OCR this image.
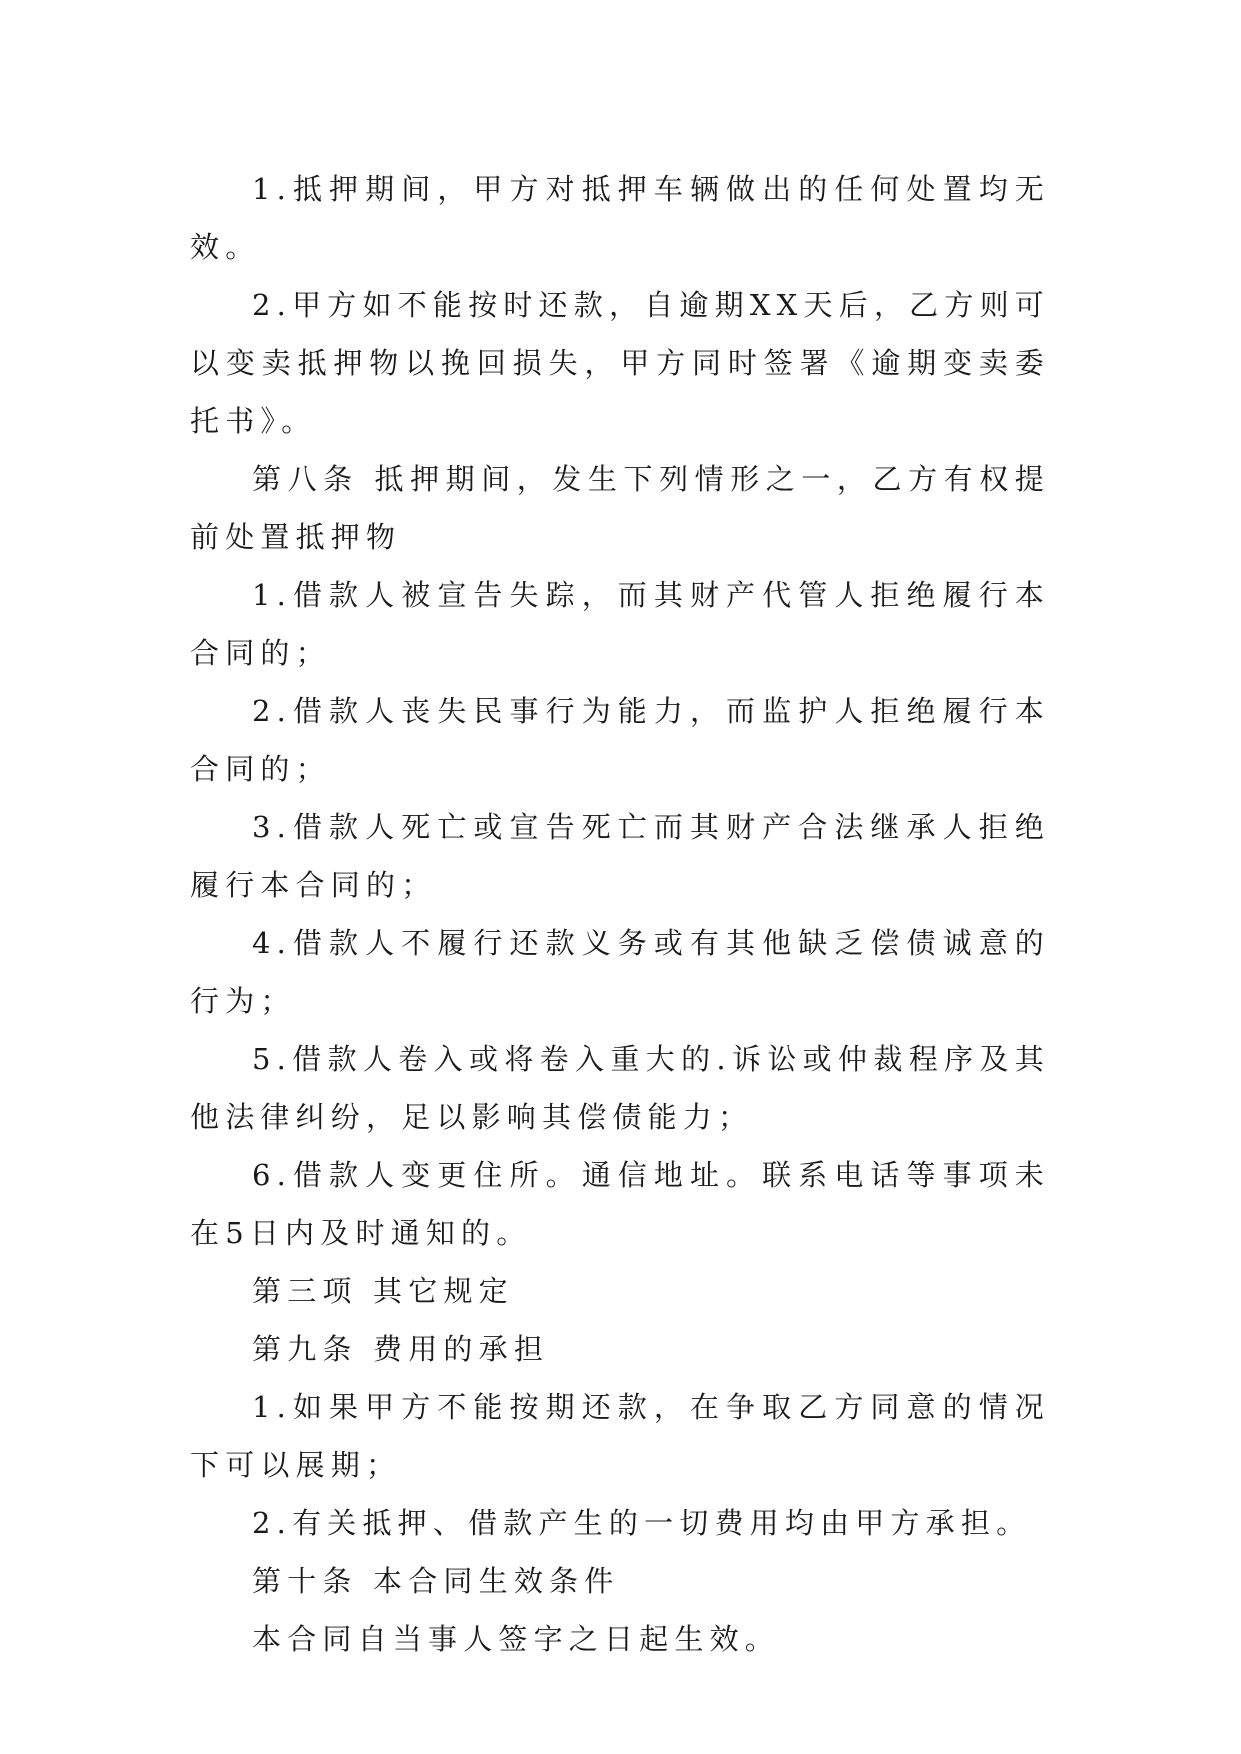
1.抵押期间，甲方对抵押车辆做出的任何处置均无效。

2.甲方如不能按时还款，自逾期XX天后，乙方则可以变卖抵押物以挽回损失，甲方同时签署《逾期变卖委托书》。

第八条 抵押期间，发生下列情形之一，乙方有权提前处置抵押物

1.借款人被宣告失踪，而其财产代管人拒绝履行本合同的；

2.借款人丧失民事行为能力，而监护人拒绝履行本合同的；

3.借款人死亡或宣告死亡而其财产合法继承人拒绝履行本合同的；

4.借款人不履行还款义务或有其他缺乏偿债诚意的行为；

5.借款人卷入或将卷入重大的.诉讼或仲裁程序及其他法律纠纷，足以影响其偿债能力；

6.借款人变更住所。通信地址。联系电话等事项未在5日内及时通知的。

第三项 其它规定

第九条 费用的承担

1.如果甲方不能按期还款，在争取乙方同意的情况下可以展期；

2.有关抵押、借款产生的一切费用均由甲方承担。

第十条 本合同生效条件

本合同自当事人签字之日起生效。
